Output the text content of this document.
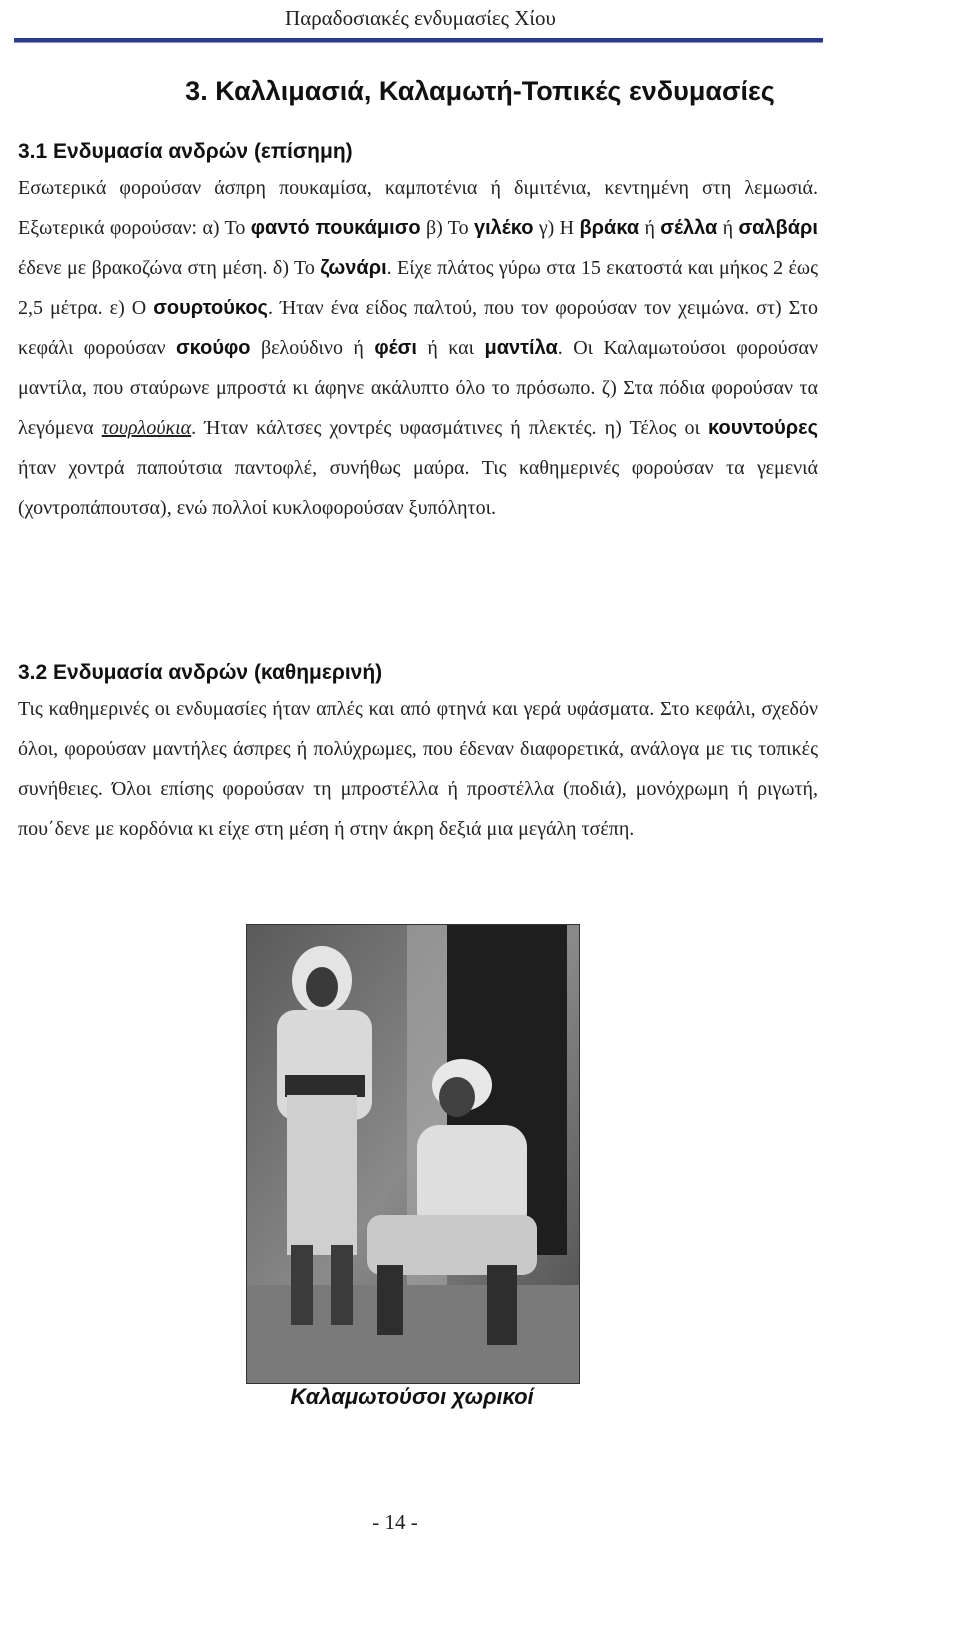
Παραδοσιακές ενδυμασίες Χίου
3. Καλλιμασιά, Καλαμωτή-Τοπικές ενδυμασίες
3.1 Ενδυμασία ανδρών (επίσημη)

Εσωτερικά φορούσαν άσπρη πουκαμίσα, καμποτένια ή διμιτένια, κεντημένη στη λεμωσιά. Εξωτερικά φορούσαν: α) Το φαντό πουκάμισο β) Το γιλέκο γ) Η βράκα ή σέλλα ή σαλβάρι έδενε με βρακοζώνα στη μέση. δ) Το ζωνάρι. Είχε πλάτος γύρω στα 15 εκατοστά και μήκος 2 έως 2,5 μέτρα. ε) Ο σουρτούκος. Ήταν ένα είδος παλτού, που τον φορούσαν τον χειμώνα. στ) Στο κεφάλι φορούσαν σκούφο βελούδινο ή φέσι ή και μαντίλα. Οι Καλαμωτούσοι φορούσαν μαντίλα, που σταύρωνε μπροστά κι άφηνε ακάλυπτο όλο το πρόσωπο. ζ) Στα πόδια φορούσαν τα λεγόμενα τουρλούκια. Ήταν κάλτσες χοντρές υφασμάτινες ή πλεκτές. η) Τέλος οι κουντούρες ήταν χοντρά παπούτσια παντοφλέ, συνήθως μαύρα. Τις καθημερινές φορούσαν τα γεμενιά (χοντροπάπουτσα), ενώ πολλοί κυκλοφορούσαν ξυπόλητοι.

3.2 Ενδυμασία ανδρών (καθημερινή)

Τις καθημερινές οι ενδυμασίες ήταν απλές και από φτηνά και γερά υφάσματα. Στο κεφάλι, σχεδόν όλοι, φορούσαν μαντήλες άσπρες ή πολύχρωμες, που έδεναν διαφορετικά, ανάλογα με τις τοπικές συνήθειες. Όλοι επίσης φορούσαν τη μπροστέλλα ή προστέλλα (ποδιά), μονόχρωμη ή ριγωτή, που΄δενε με κορδόνια κι είχε στη μέση ή στην άκρη δεξιά μια μεγάλη τσέπη.

Καλαμωτούσοι χωρικοί
- 14 -
